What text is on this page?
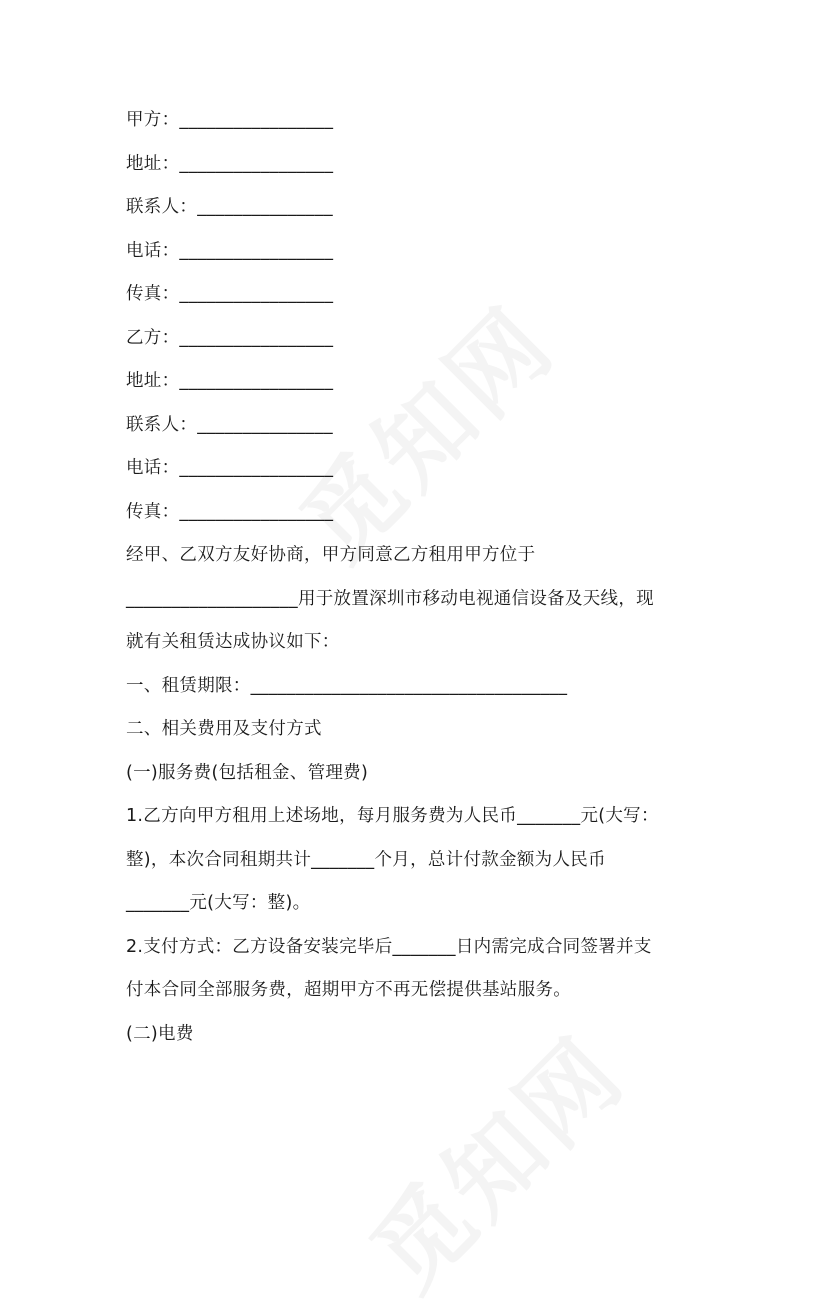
甲方：_________________
地址：_________________
联系人：_______________
电话：_________________
传真：_________________
乙方：_________________
地址：_________________
联系人：_______________
电话：_________________
传真：_________________
经甲、乙双方友好协商，甲方同意乙方租用甲方位于
___________________用于放置深圳市移动电视通信设备及天线，现
就有关租赁达成协议如下：
一、租赁期限：___________________________________
二、相关费用及支付方式
(一)服务费(包括租金、管理费)
1.乙方向甲方租用上述场地，每月服务费为人民币_______元(大写：
整)，本次合同租期共计_______个月，总计付款金额为人民币
_______元(大写：整)。
2.支付方式：乙方设备安装完毕后_______日内需完成合同签署并支
付本合同全部服务费，超期甲方不再无偿提供基站服务。
(二)电费
